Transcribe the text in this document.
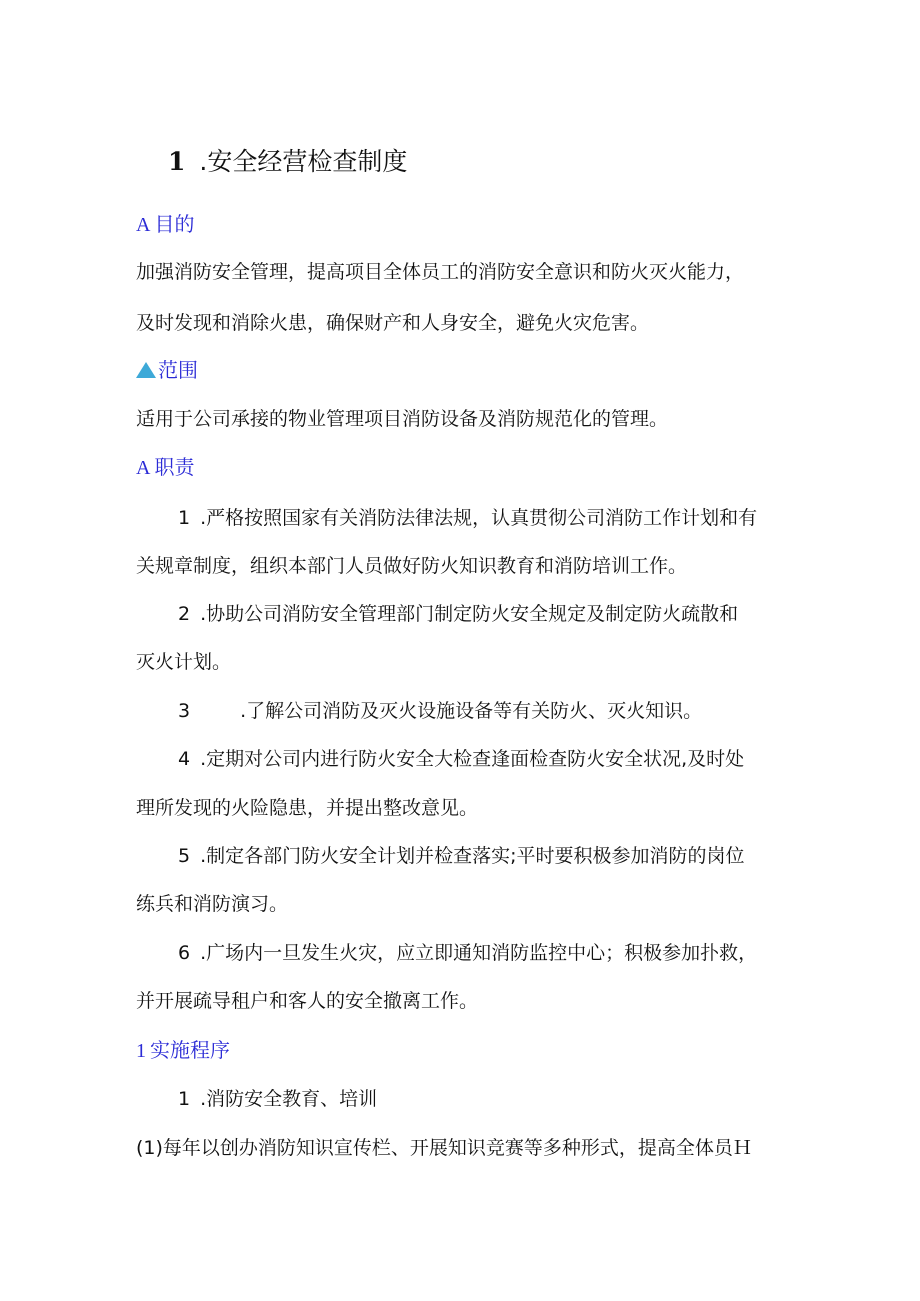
1 .安全经营检查制度
A 目的
加强消防安全管理，提高项目全体员工的消防安全意识和防火灭火能力，
及时发现和消除火患，确保财产和人身安全，避免火灾危害。
范围
适用于公司承接的物业管理项目消防设备及消防规范化的管理。
A 职责
1 .严格按照国家有关消防法律法规，认真贯彻公司消防工作计划和有
关规章制度，组织本部门人员做好防火知识教育和消防培训工作。
2 .协助公司消防安全管理部门制定防火安全规定及制定防火疏散和
灭火计划。
3	.了解公司消防及灭火设施设备等有关防火、灭火知识。
4 .定期对公司内进行防火安全大检查逢面检查防火安全状况,及时处
理所发现的火险隐患，并提出整改意见。
5 .制定各部门防火安全计划并检查落实;平时要积极参加消防的岗位
练兵和消防演习。
6 .广场内一旦发生火灾，应立即通知消防监控中心；积极参加扑救，
并开展疏导租户和客人的安全撤离工作。
1 实施程序
1 .消防安全教育、培训
(1)每年以创办消防知识宣传栏、开展知识竞赛等多种形式，提高全体员Ｈ
